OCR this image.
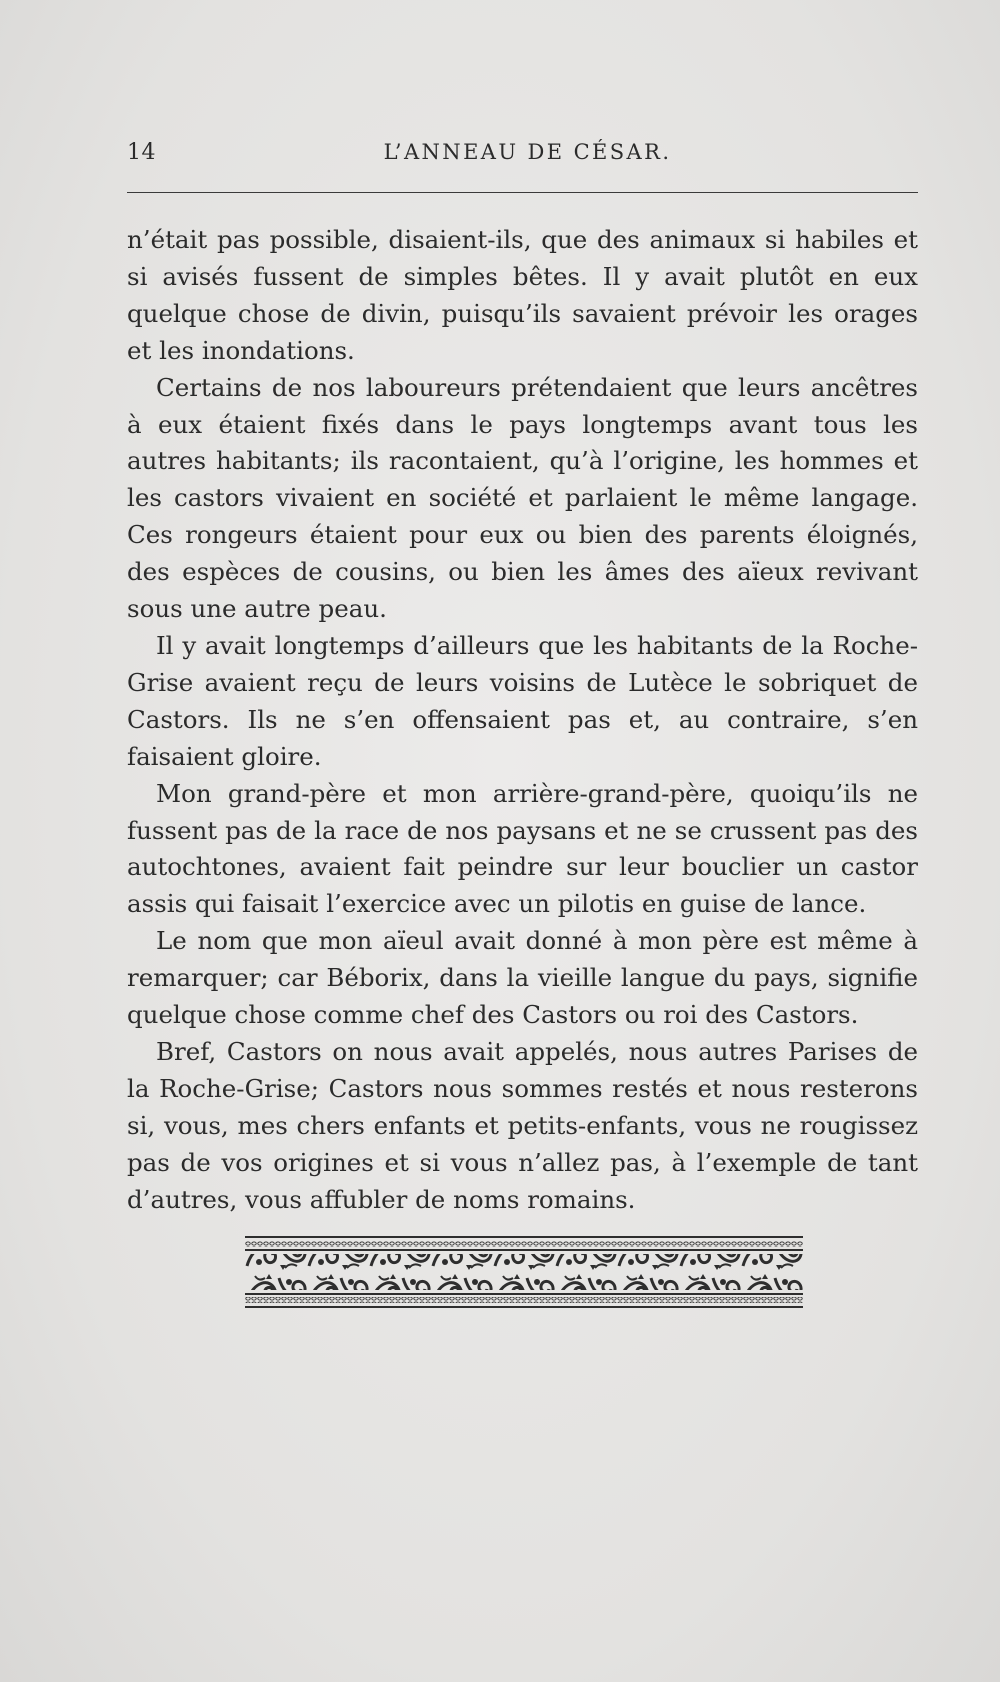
14	L’ANNEAU DE CÉSAR.

n’était pas possible, disaient-ils, que des animaux si habiles et si avisés fussent de simples bêtes. Il y avait plutôt en eux quelque chose de divin, puisqu’ils savaient prévoir les orages et les inondations.

Certains de nos laboureurs prétendaient que leurs ancêtres à eux étaient fixés dans le pays longtemps avant tous les autres habitants; ils racontaient, qu’à l’origine, les hommes et les castors vivaient en société et parlaient le même langage. Ces rongeurs étaient pour eux ou bien des parents éloignés, des espèces de cousins, ou bien les âmes des aïeux revivant sous une autre peau.

Il y avait longtemps d’ailleurs que les habitants de la Roche-Grise avaient reçu de leurs voisins de Lutèce le sobriquet de Castors. Ils ne s’en offensaient pas et, au contraire, s’en faisaient gloire.

Mon grand-père et mon arrière-grand-père, quoiqu’ils ne fussent pas de la race de nos paysans et ne se crussent pas des autochtones, avaient fait peindre sur leur bouclier un castor assis qui faisait l’exercice avec un pilotis en guise de lance.

Le nom que mon aïeul avait donné à mon père est même à remarquer; car Béborix, dans la vieille langue du pays, signifie quelque chose comme chef des Castors ou roi des Castors.

Bref, Castors on nous avait appelés, nous autres Parises de la Roche-Grise; Castors nous sommes restés et nous resterons si, vous, mes chers enfants et petits-enfants, vous ne rougissez pas de vos origines et si vous n’allez pas, à l’exemple de tant d’autres, vous affubler de noms romains.
